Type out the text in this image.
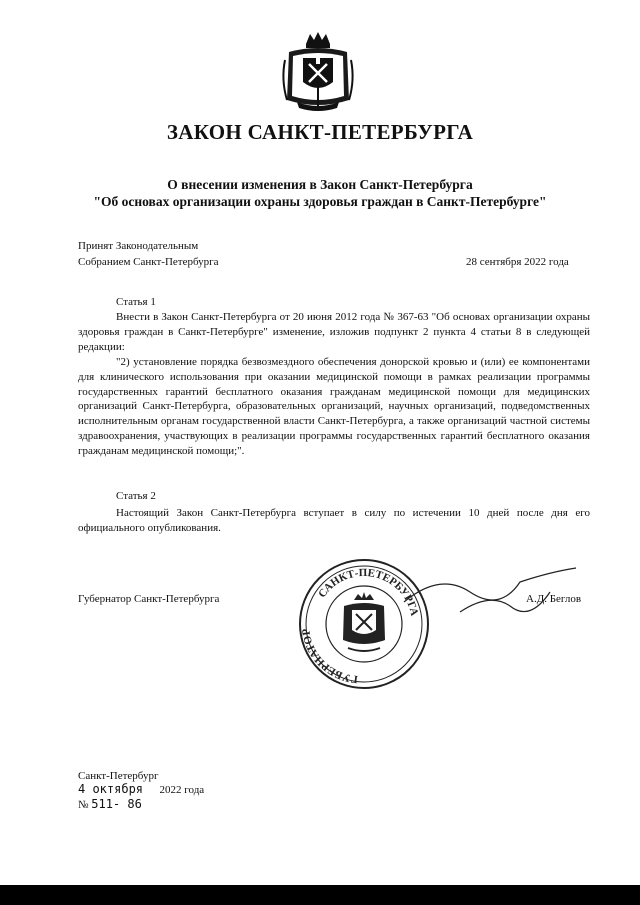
ЗАКОН САНКТ-ПЕТЕРБУРГА
О внесении изменения в Закон Санкт-Петербурга
"Об основах организации охраны здоровья граждан в Санкт-Петербурге"
Принят Законодательным
Собранием Санкт-Петербурга	28 сентября 2022 года
Статья 1
Внести в Закон Санкт-Петербурга от 20 июня 2012 года № 367-63 "Об основах организации охраны здоровья граждан в Санкт-Петербурге" изменение, изложив подпункт 2 пункта 4 статьи 8 в следующей редакции:
"2) установление порядка безвозмездного обеспечения донорской кровью и (или) ее компонентами для клинического использования при оказании медицинской помощи в рамках реализации программы государственных гарантий бесплатного оказания гражданам медицинской помощи для медицинских организаций Санкт-Петербурга, образовательных организаций, научных организаций, подведомственных исполнительным органам государственной власти Санкт-Петербурга, а также организаций частной системы здравоохранения, участвующих в реализации программы государственных гарантий бесплатного оказания гражданам медицинской помощи;".
Статья 2
Настоящий Закон Санкт-Петербурга вступает в силу по истечении 10 дней после дня его официального опубликования.
Губернатор Санкт-Петербурга	А.Д. Беглов
САНКТ-ПЕТЕРБУРГА
ГУБЕРНАТОР
Санкт-Петербург
4 октября 2022 года
№ 511- 86
